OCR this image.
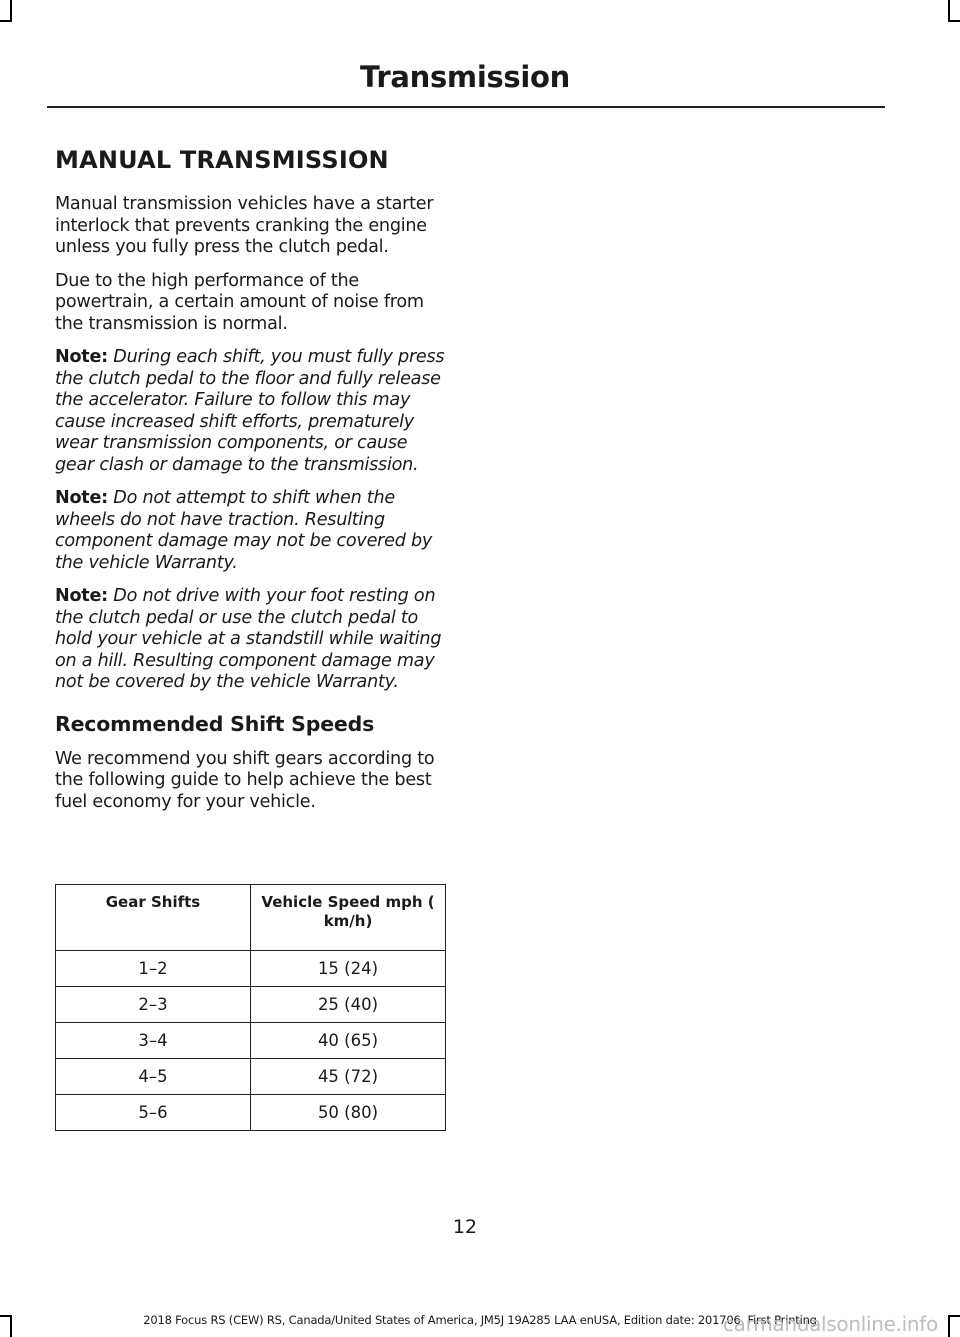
Transmission
MANUAL TRANSMISSION

Manual transmission vehicles have a starter interlock that prevents cranking the engine unless you fully press the clutch pedal.

Due to the high performance of the powertrain, a certain amount of noise from the transmission is normal.

Note: During each shift, you must fully press the clutch pedal to the floor and fully release the accelerator. Failure to follow this may cause increased shift efforts, prematurely wear transmission components, or cause gear clash or damage to the transmission.

Note: Do not attempt to shift when the wheels do not have traction. Resulting component damage may not be covered by the vehicle Warranty.

Note: Do not drive with your foot resting on the clutch pedal or use the clutch pedal to hold your vehicle at a standstill while waiting on a hill. Resulting component damage may not be covered by the vehicle Warranty.

Recommended Shift Speeds

We recommend you shift gears according to the following guide to help achieve the best fuel economy for your vehicle.

Gear Shifts	Vehicle Speed mph ( km/h)
1–2	15 (24)
2–3	25 (40)
3–4	40 (65)
4–5	45 (72)
5–6	50 (80)
12
2018 Focus RS (CEW) RS, Canada/United States of America, JM5J 19A285 LAA enUSA, Edition date: 201706, First Printing
carmanualsonline.info
